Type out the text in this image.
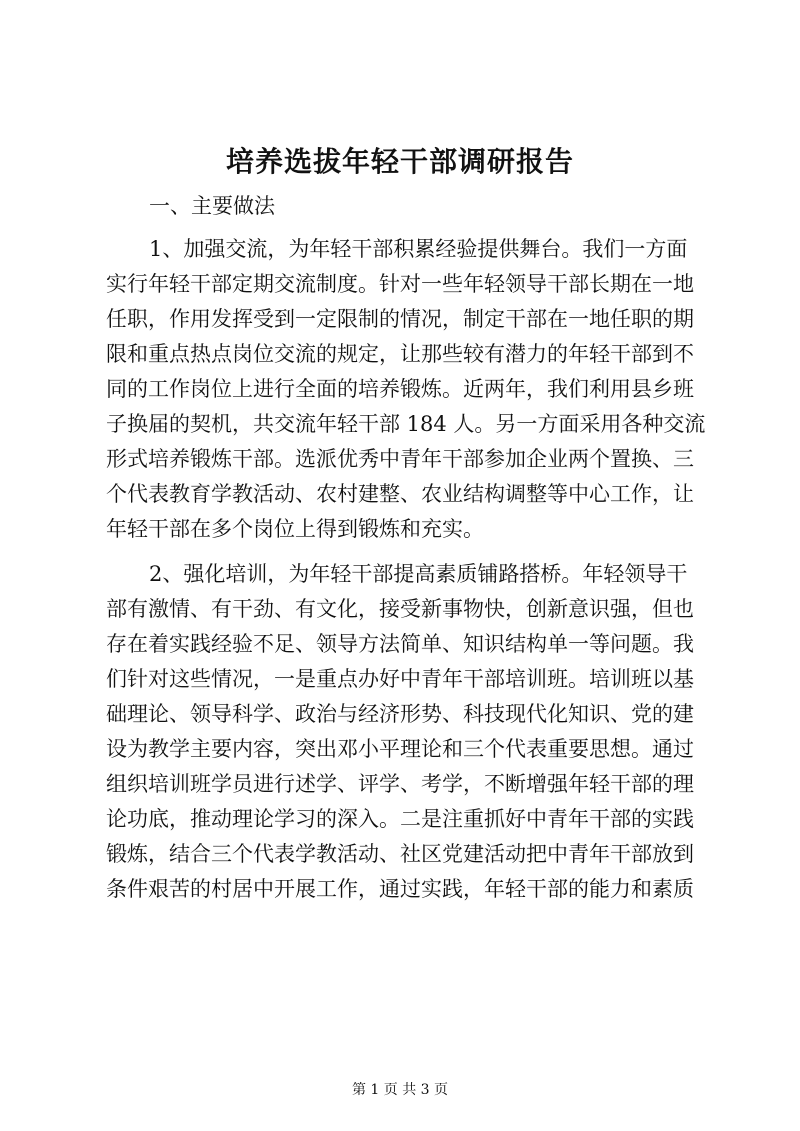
培养选拔年轻干部调研报告
一、主要做法
1、加强交流，为年轻干部积累经验提供舞台。我们一方面
实行年轻干部定期交流制度。针对一些年轻领导干部长期在一地
任职，作用发挥受到一定限制的情况，制定干部在一地任职的期
限和重点热点岗位交流的规定，让那些较有潜力的年轻干部到不
同的工作岗位上进行全面的培养锻炼。近两年，我们利用县乡班
子换届的契机，共交流年轻干部 184 人。另一方面采用各种交流
形式培养锻炼干部。选派优秀中青年干部参加企业两个置换、三
个代表教育学教活动、农村建整、农业结构调整等中心工作，让
年轻干部在多个岗位上得到锻炼和充实。
2、强化培训，为年轻干部提高素质铺路搭桥。年轻领导干
部有激情、有干劲、有文化，接受新事物快，创新意识强，但也
存在着实践经验不足、领导方法简单、知识结构单一等问题。我
们针对这些情况，一是重点办好中青年干部培训班。培训班以基
础理论、领导科学、政治与经济形势、科技现代化知识、党的建
设为教学主要内容，突出邓小平理论和三个代表重要思想。通过
组织培训班学员进行述学、评学、考学，不断增强年轻干部的理
论功底，推动理论学习的深入。二是注重抓好中青年干部的实践
锻炼，结合三个代表学教活动、社区党建活动把中青年干部放到
条件艰苦的村居中开展工作，通过实践，年轻干部的能力和素质
第 1 页 共 3 页
